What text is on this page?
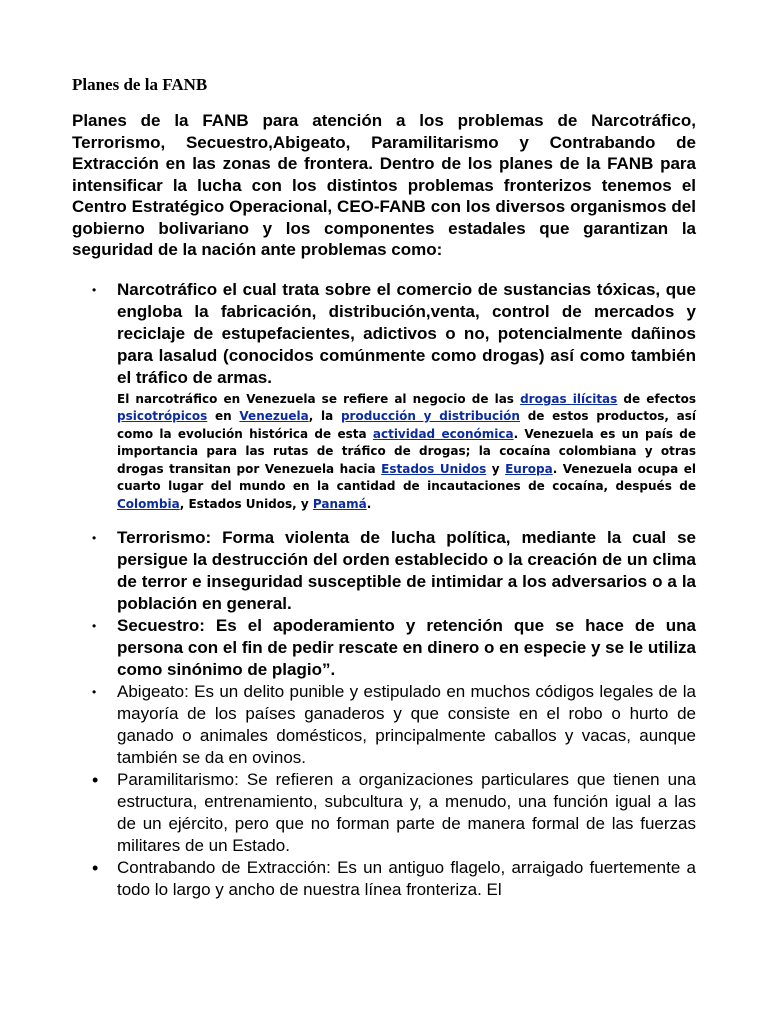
Planes de la FANB

Planes de la FANB para atención a los problemas de Narcotráfico, Terrorismo, Secuestro,Abigeato, Paramilitarismo y Contrabando de Extracción en las zonas de frontera. Dentro de los planes de la FANB para intensificar la lucha con los distintos problemas fronterizos tenemos el Centro Estratégico Operacional, CEO-FANB con los diversos organismos del gobierno bolivariano y los componentes estadales que garantizan la seguridad de la nación ante problemas como:

• Narcotráfico el cual trata sobre el comercio de sustancias tóxicas, que engloba la fabricación, distribución,venta, control de mercados y reciclaje de estupefacientes, adictivos o no, potencialmente dañinos para lasalud (conocidos comúnmente como drogas) así como también el tráfico de armas.
El narcotráfico en Venezuela se refiere al negocio de las drogas ilícitas de efectos psicotrópicos en Venezuela, la producción y distribución de estos productos, así como la evolución histórica de esta actividad económica. Venezuela es un país de importancia para las rutas de tráfico de drogas; la cocaína colombiana y otras drogas transitan por Venezuela hacia Estados Unidos y Europa. Venezuela ocupa el cuarto lugar del mundo en la cantidad de incautaciones de cocaína, después de Colombia, Estados Unidos, y Panamá.
• Terrorismo: Forma violenta de lucha política, mediante la cual se persigue la destrucción del orden establecido o la creación de un clima de terror e inseguridad susceptible de intimidar a los adversarios o a la población en general.
• Secuestro: Es el apoderamiento y retención que se hace de una persona con el fin de pedir rescate en dinero o en especie y se le utiliza como sinónimo de plagio”.
• Abigeato: Es un delito punible y estipulado en muchos códigos legales de la mayoría de los países ganaderos y que consiste en el robo o hurto de ganado o animales domésticos, principalmente caballos y vacas, aunque también se da en ovinos.
• Paramilitarismo: Se refieren a organizaciones particulares que tienen una estructura, entrenamiento, subcultura y, a menudo, una función igual a las de un ejército, pero que no forman parte de manera formal de las fuerzas militares de un Estado.
• Contrabando de Extracción: Es un antiguo flagelo, arraigado fuertemente a todo lo largo y ancho de nuestra línea fronteriza. El
